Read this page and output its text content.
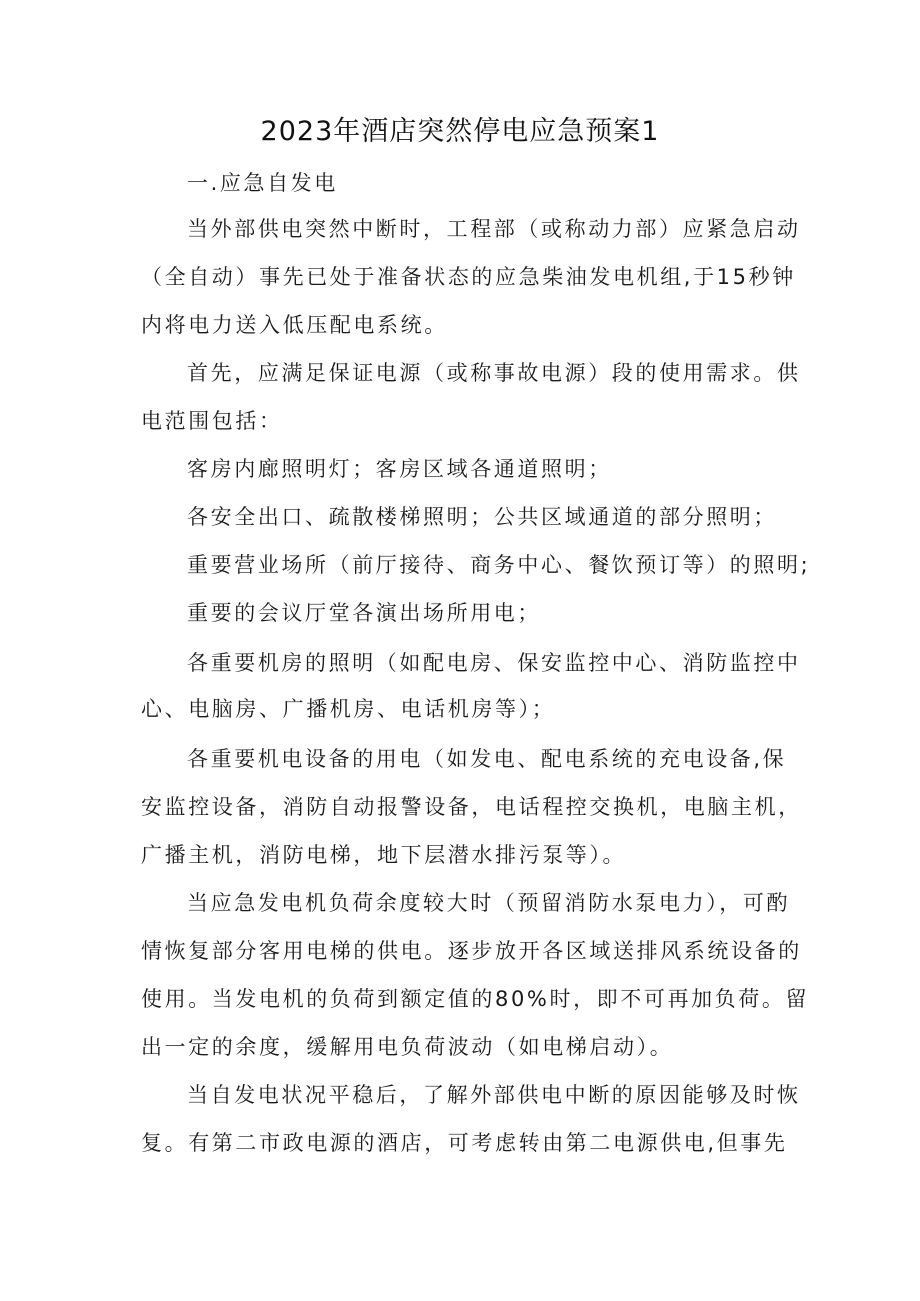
2023年酒店突然停电应急预案1
一.应急自发电
当外部供电突然中断时，工程部（或称动力部）应紧急启动
（全自动）事先已处于准备状态的应急柴油发电机组,于15秒钟
内将电力送入低压配电系统。
首先，应满足保证电源（或称事故电源）段的使用需求。供
电范围包括：
客房内廊照明灯；客房区域各通道照明；
各安全出口、疏散楼梯照明；公共区域通道的部分照明；
重要营业场所（前厅接待、商务中心、餐饮预订等）的照明;
重要的会议厅堂各演出场所用电；
各重要机房的照明（如配电房、保安监控中心、消防监控中
心、电脑房、广播机房、电话机房等）；
各重要机电设备的用电（如发电、配电系统的充电设备,保
安监控设备，消防自动报警设备，电话程控交换机，电脑主机，
广播主机，消防电梯，地下层潜水排污泵等）。
当应急发电机负荷余度较大时（预留消防水泵电力），可酌
情恢复部分客用电梯的供电。逐步放开各区域送排风系统设备的
使用。当发电机的负荷到额定值的80%时，即不可再加负荷。留
出一定的余度，缓解用电负荷波动（如电梯启动）。
当自发电状况平稳后，了解外部供电中断的原因能够及时恢
复。有第二市政电源的酒店，可考虑转由第二电源供电,但事先
